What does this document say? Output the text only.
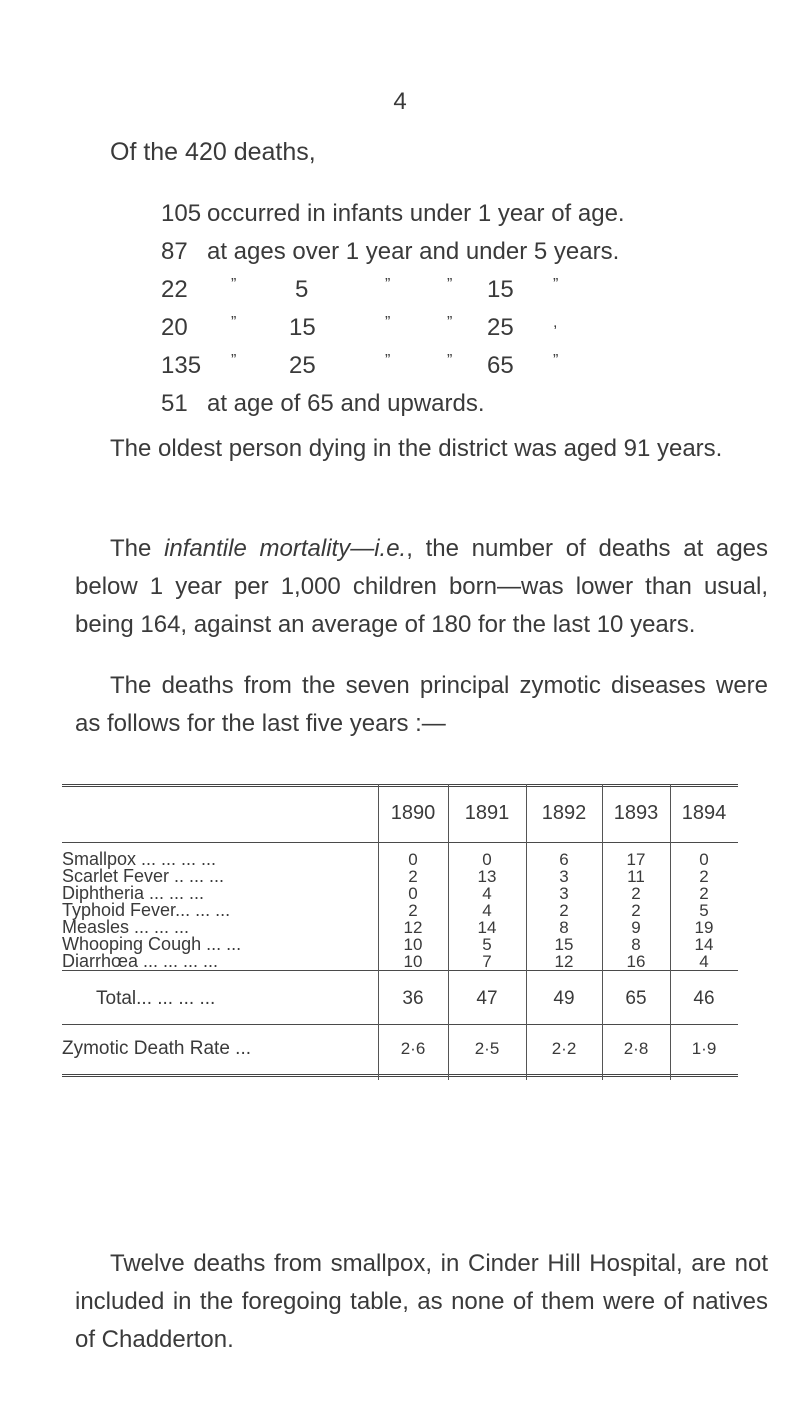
4
Of the 420 deaths,
105 occurred in infants under 1 year of age.
87 at ages over 1 year and under 5 years.
22	” 5	”	” 15 ”
20	” 15	”	” 25 ,
135 ” 25	”	” 65 ”
51 at age of 65 and upwards.
The oldest person dying in the district was aged 91 years.
The infantile mortality—i.e., the number of deaths at ages below 1 year per 1,000 children born—was lower than usual, being 164, against an average of 180 for the last 10 years.
The deaths from the seven principal zymotic diseases were as follows for the last five years :—
1890	1891	1892	1893	1894
Smallpox ... ... ... ...	0	0	6	17	0
Scarlet Fever .. ... ...	2	13	3	11	2
Diphtheria ... ... ...	0	4	3	2	2
Typhoid Fever... ... ...	2	4	2	2	5
Measles ... ... ...	12	14	8	9	19
Whooping Cough ... ...	10	5	15	8	14
Diarrhœa ... ... ... ...	10	7	12	16	4
Total... ... ... ...	36	47	49	65	46
Zymotic Death Rate ...	2·6	2·5	2·2	2·8	1·9
Twelve deaths from smallpox, in Cinder Hill Hospital, are not included in the foregoing table, as none of them were of natives of Chadderton.
